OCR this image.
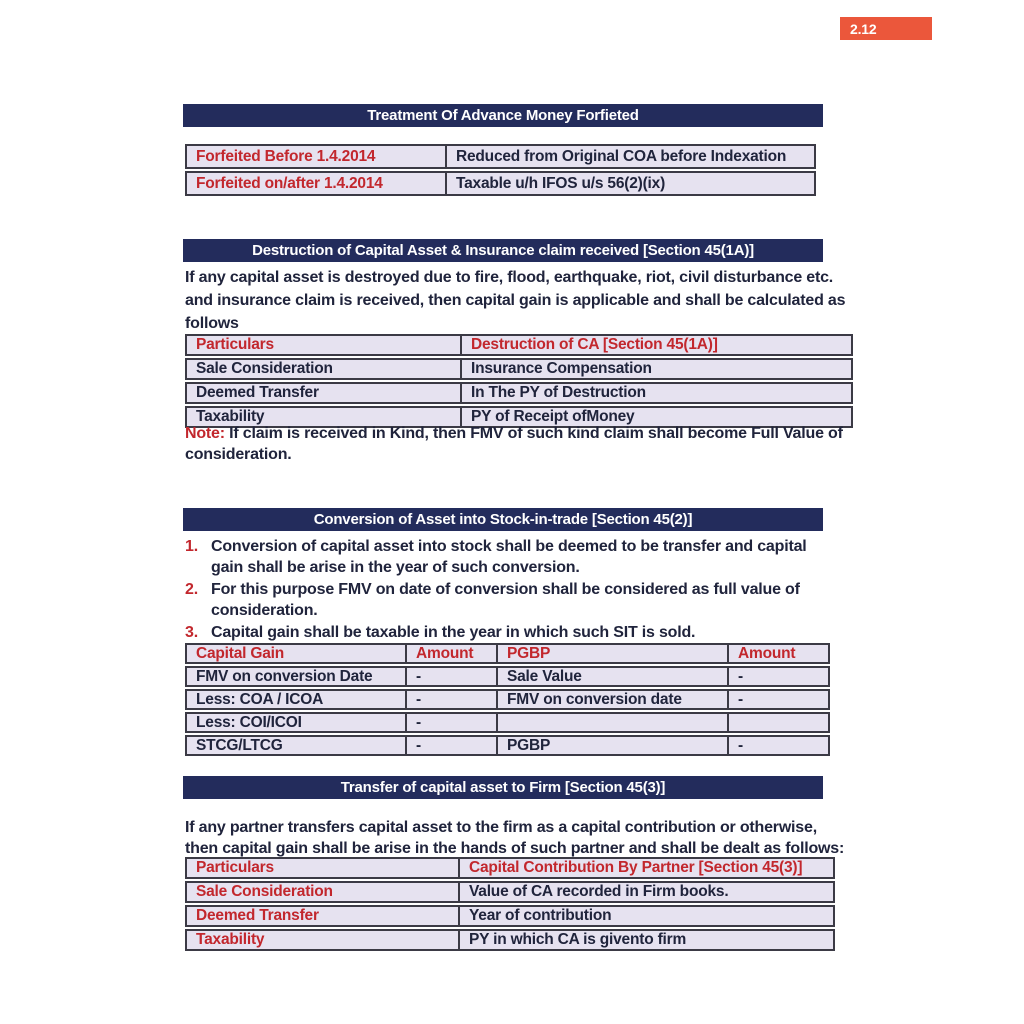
2.12
Treatment Of Advance Money Forfieted
Forfeited Before 1.4.2014	Reduced from Original COA before Indexation
Forfeited on/after 1.4.2014	Taxable u/h IFOS u/s 56(2)(ix)
Destruction of Capital Asset & Insurance claim received [Section 45(1A)]
If any capital asset is destroyed due to fire, flood, earthquake, riot, civil disturbance etc. and insurance claim is received, then capital gain is applicable and shall be calculated as follows
Particulars	Destruction of CA [Section 45(1A)]
Sale Consideration	Insurance Compensation
Deemed Transfer	In The PY of Destruction
Taxability	PY of Receipt ofMoney
Note: If claim is received in Kind, then FMV of such kind claim shall become Full Value of consideration.
Conversion of Asset into Stock-in-trade [Section 45(2)]
1. Conversion of capital asset into stock shall be deemed to be transfer and capital gain shall be arise in the year of such conversion.
2. For this purpose FMV on date of conversion shall be considered as full value of consideration.
3. Capital gain shall be taxable in the year in which such SIT is sold.
Capital Gain	Amount	PGBP	Amount
FMV on conversion Date	-	Sale Value	-
Less: COA / ICOA	-	FMV on conversion date	-
Less: COI/ICOI	-
STCG/LTCG	-	PGBP	-
Transfer of capital asset to Firm [Section 45(3)]
If any partner transfers capital asset to the firm as a capital contribution or otherwise, then capital gain shall be arise in the hands of such partner and shall be dealt as follows:
Particulars	Capital Contribution By Partner [Section 45(3)]
Sale Consideration	Value of CA recorded in Firm books.
Deemed Transfer	Year of contribution
Taxability	PY in which CA is givento firm
